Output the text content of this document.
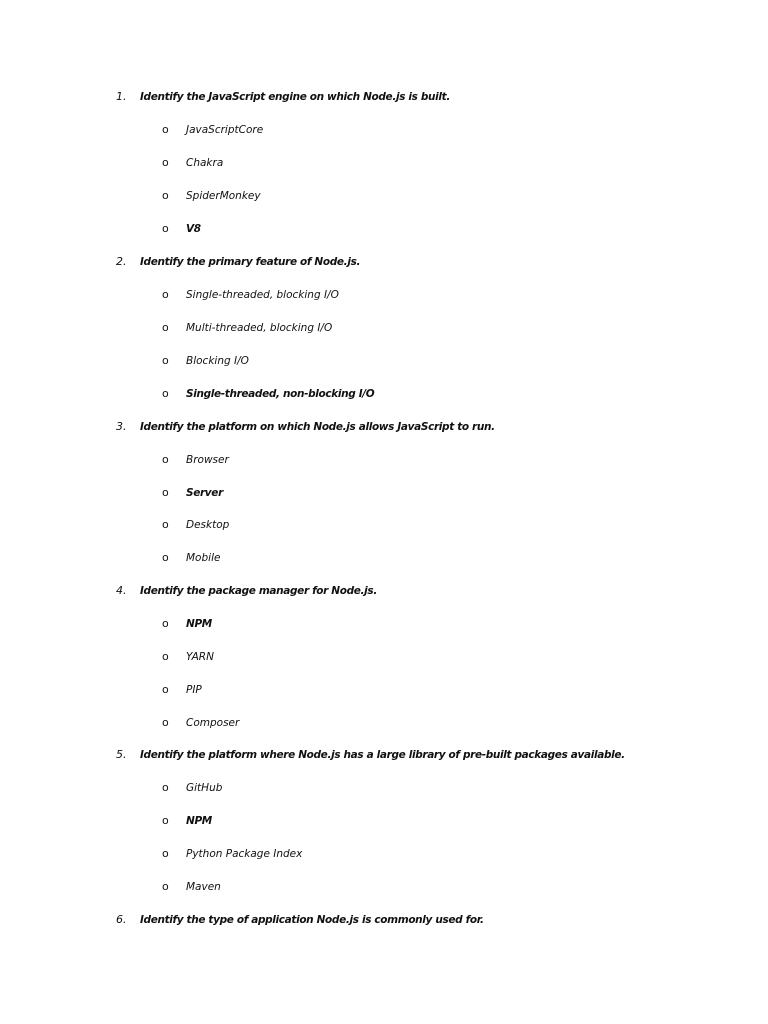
1. Identify the JavaScript engine on which Node.js is built.
o JavaScriptCore
o Chakra
o SpiderMonkey
o V8
2. Identify the primary feature of Node.js.
o Single-threaded, blocking I/O
o Multi-threaded, blocking I/O
o Blocking I/O
o Single-threaded, non-blocking I/O
3. Identify the platform on which Node.js allows JavaScript to run.
o Browser
o Server
o Desktop
o Mobile
4. Identify the package manager for Node.js.
o NPM
o YARN
o PIP
o Composer
5. Identify the platform where Node.js has a large library of pre-built packages available.
o GitHub
o NPM
o Python Package Index
o Maven
6. Identify the type of application Node.js is commonly used for.
